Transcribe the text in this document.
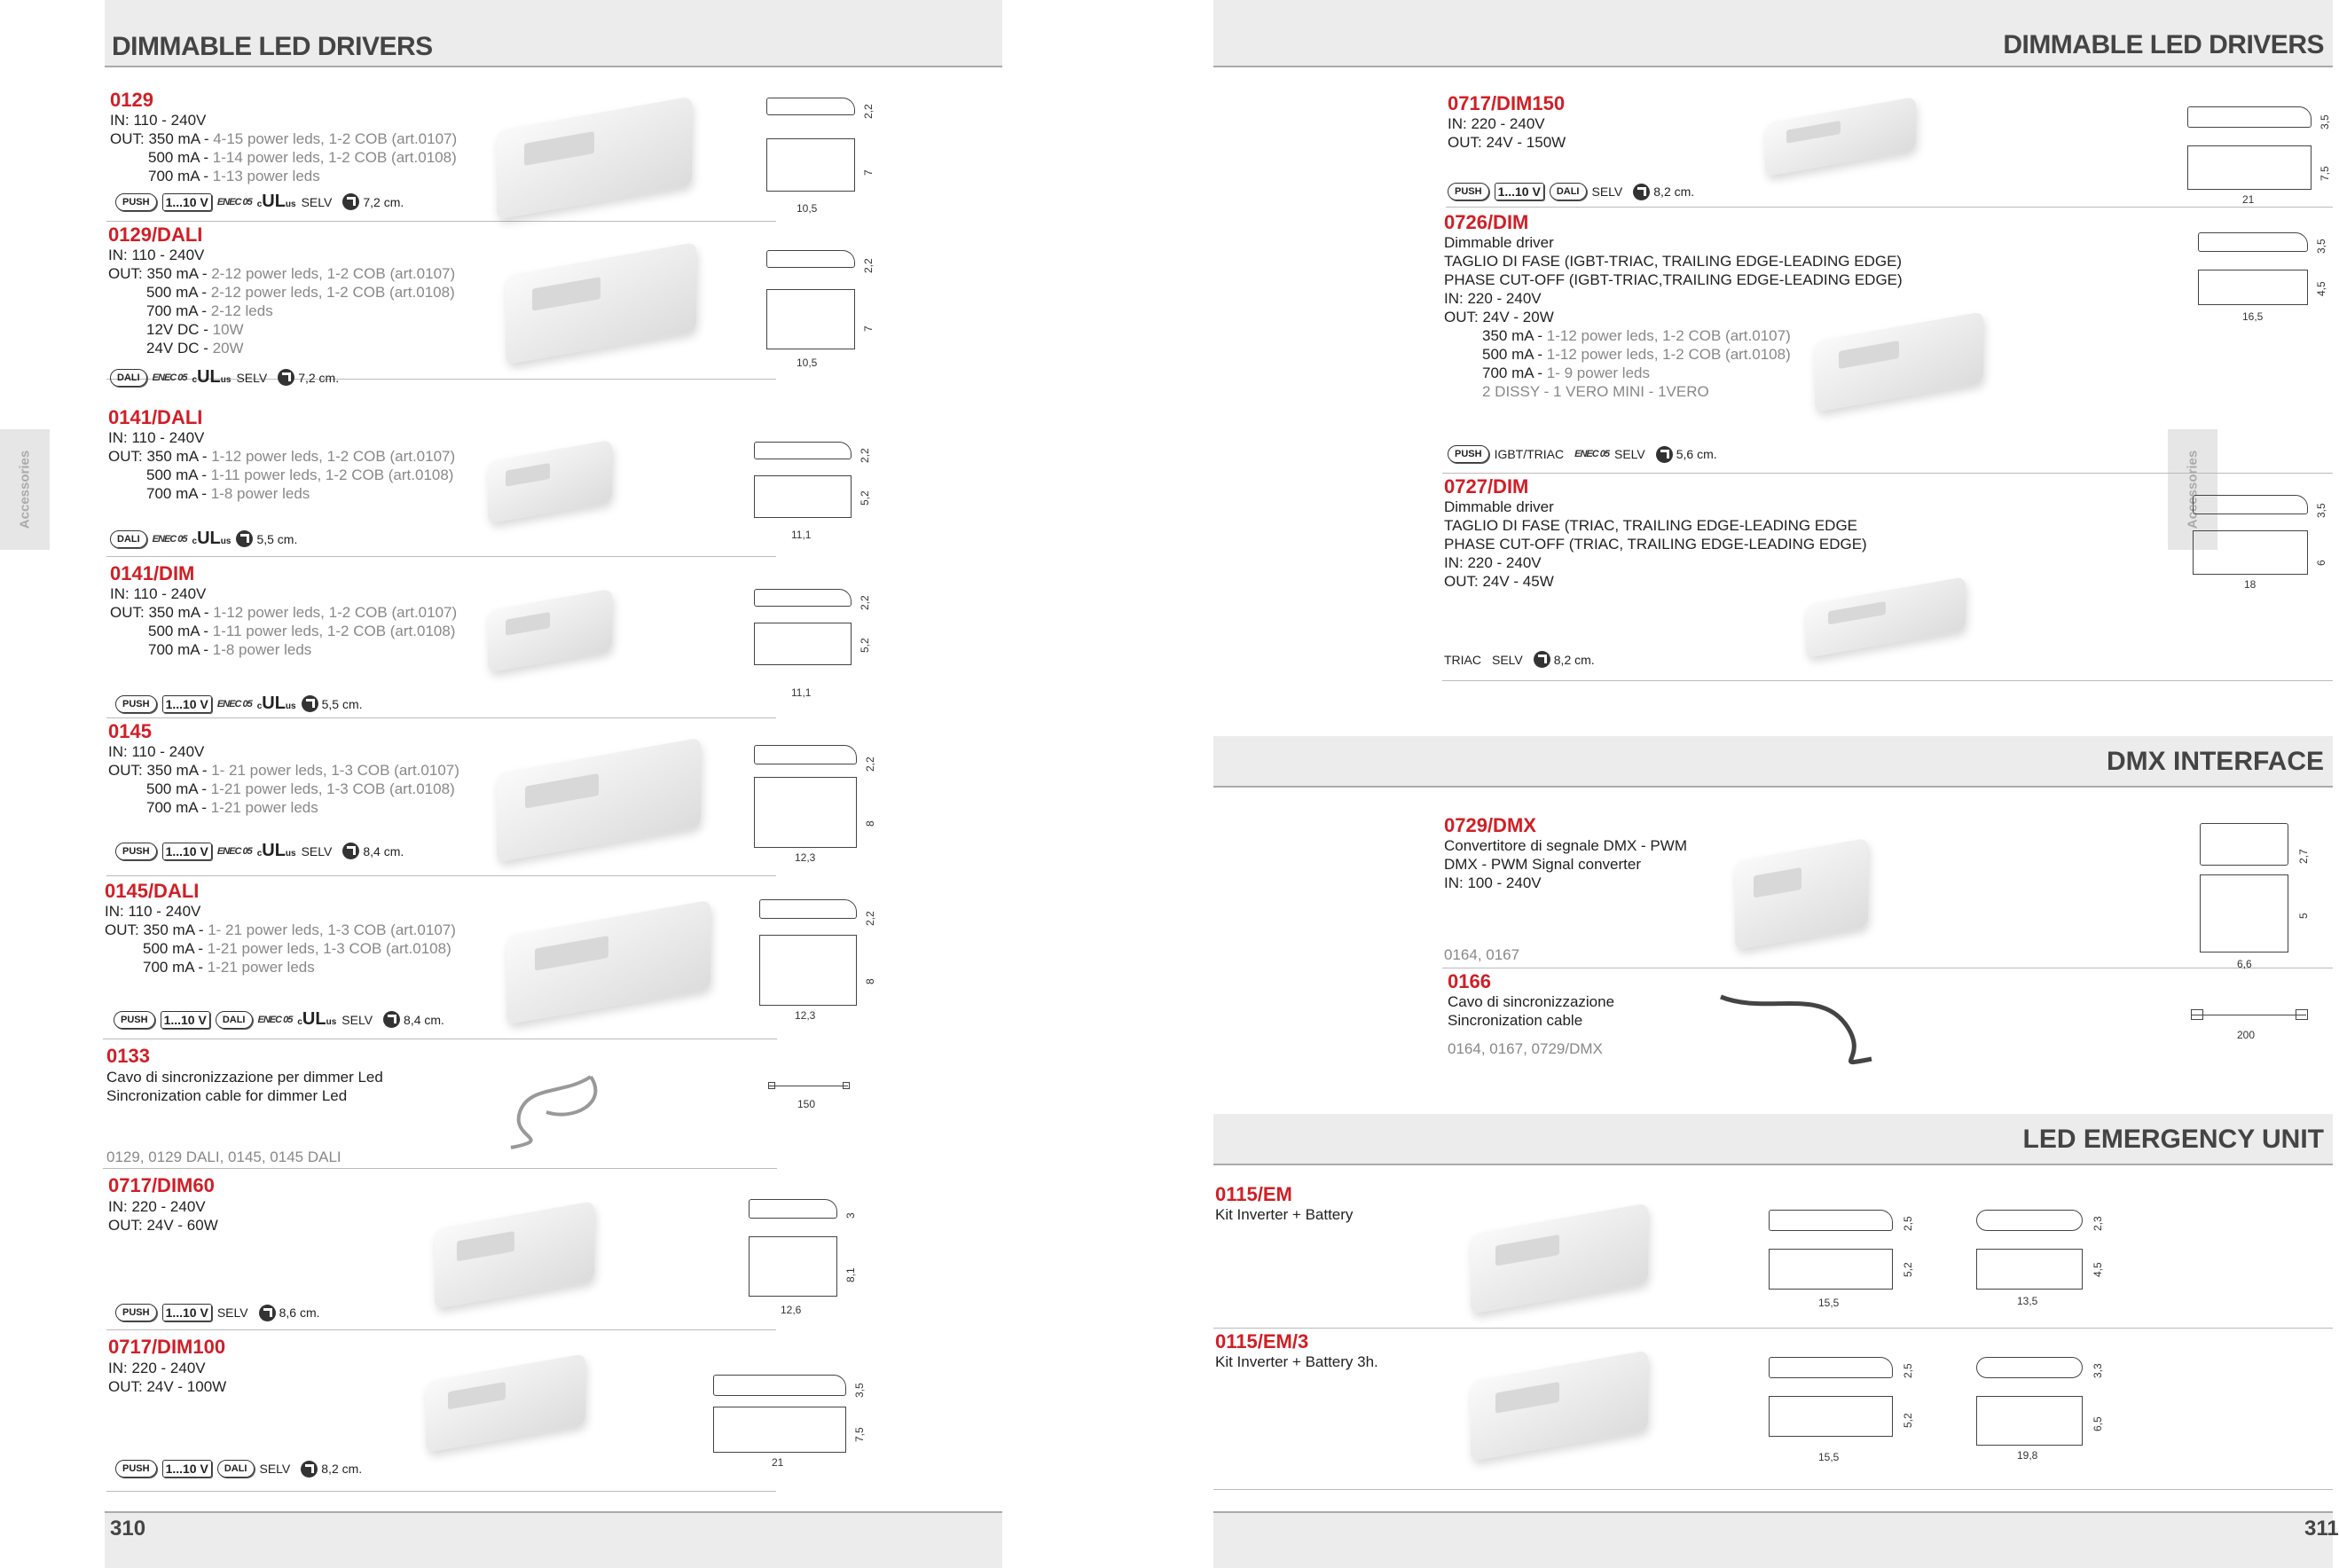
DIMMABLE LED DRIVERS
Accessories
0129
IN: 110 - 240V
OUT: 350 mA - 4-15 power leds, 1-2 COB (art.0107)
500 mA - 1-14 power leds, 1-2 COB (art.0108)
700 mA - 1-13 power leds
PUSH 1...10 V ENEC 05 cULus SELV	7,2 cm.
2,2
7
10,5
0129/DALI
IN: 110 - 240V
OUT: 350 mA - 2-12 power leds, 1-2 COB (art.0107)
500 mA - 2-12 power leds, 1-2 COB (art.0108)
700 mA - 2-12 leds
12V DC - 10W
24V DC - 20W
DALI ENEC 05 cULus SELV	7,2 cm.
2,2
7
10,5
0141/DALI
IN: 110 - 240V
OUT: 350 mA - 1-12 power leds, 1-2 COB (art.0107)
500 mA - 1-11 power leds, 1-2 COB (art.0108)
700 mA - 1-8 power leds
DALI ENEC 05 cULus 5,5 cm.
2,2
5,2
11,1
0141/DIM
IN: 110 - 240V
OUT: 350 mA - 1-12 power leds, 1-2 COB (art.0107)
500 mA - 1-11 power leds, 1-2 COB (art.0108)
700 mA - 1-8 power leds
PUSH 1...10 V ENEC 05 cULus 5,5 cm.
2,2
5,2
11,1
0145
IN: 110 - 240V
OUT: 350 mA - 1- 21 power leds, 1-3 COB (art.0107)
500 mA - 1-21 power leds, 1-3 COB (art.0108)
700 mA - 1-21 power leds
PUSH 1...10 V ENEC 05 cULus SELV	8,4 cm.
2,2
8
12,3
0145/DALI
IN: 110 - 240V
OUT: 350 mA - 1- 21 power leds, 1-3 COB (art.0107)
500 mA - 1-21 power leds, 1-3 COB (art.0108)
700 mA - 1-21 power leds
PUSH 1...10 V DALI ENEC 05 cULus SELV	8,4 cm.
2,2
8
12,3
0133
Cavo di sincronizzazione per dimmer Led
Sincronization cable for dimmer Led	150
0129, 0129 DALI, 0145, 0145 DALI
0717/DIM60
IN: 220 - 240V
OUT: 24V - 60W
PUSH 1...10 V SELV	8,6 cm.
3
8,1
12,6
0717/DIM100
IN: 220 - 240V
OUT: 24V - 100W
PUSH 1...10 V DALI SELV	8,2 cm.
3,5
7,5
21
310
DIMMABLE LED DRIVERS
Accessories
0717/DIM150
IN: 220 - 240V
OUT: 24V - 150W
PUSH 1...10 V DALI SELV	8,2 cm.
3,5
7,5
21
0726/DIM
Dimmable driver
TAGLIO DI FASE (IGBT-TRIAC, TRAILING EDGE-LEADING EDGE)
PHASE CUT-OFF (IGBT-TRIAC,TRAILING EDGE-LEADING EDGE)
IN: 220 - 240V
OUT: 24V - 20W
350 mA - 1-12 power leds, 1-2 COB (art.0107)
500 mA - 1-12 power leds, 1-2 COB (art.0108)
700 mA - 1- 9 power leds
2 DISSY - 1 VERO MINI - 1VERO
PUSH IGBT/TRIAC ENEC 05 SELV	5,6 cm.
3,5
4,5
16,5
0727/DIM
Dimmable driver
TAGLIO DI FASE (TRIAC, TRAILING EDGE-LEADING EDGE
PHASE CUT-OFF (TRIAC, TRAILING EDGE-LEADING EDGE)
IN: 220 - 240V
OUT: 24V - 45W
TRIAC SELV	8,2 cm.
3,5
6
18
DMX INTERFACE
0729/DMX
Convertitore di segnale DMX - PWM
DMX - PWM Signal converter
IN: 100 - 240V
0164, 0167
2,7
5
6,6
0166
Cavo di sincronizzazione
Sincronization cable
200
0164, 0167, 0729/DMX
LED EMERGENCY UNIT
0115/EM
Kit Inverter + Battery
2,5
5,2
15,5
2,3
4,5
13,5
0115/EM/3
Kit Inverter + Battery 3h.
2,5
5,2
15,5
3,3
6,5
19,8
311
